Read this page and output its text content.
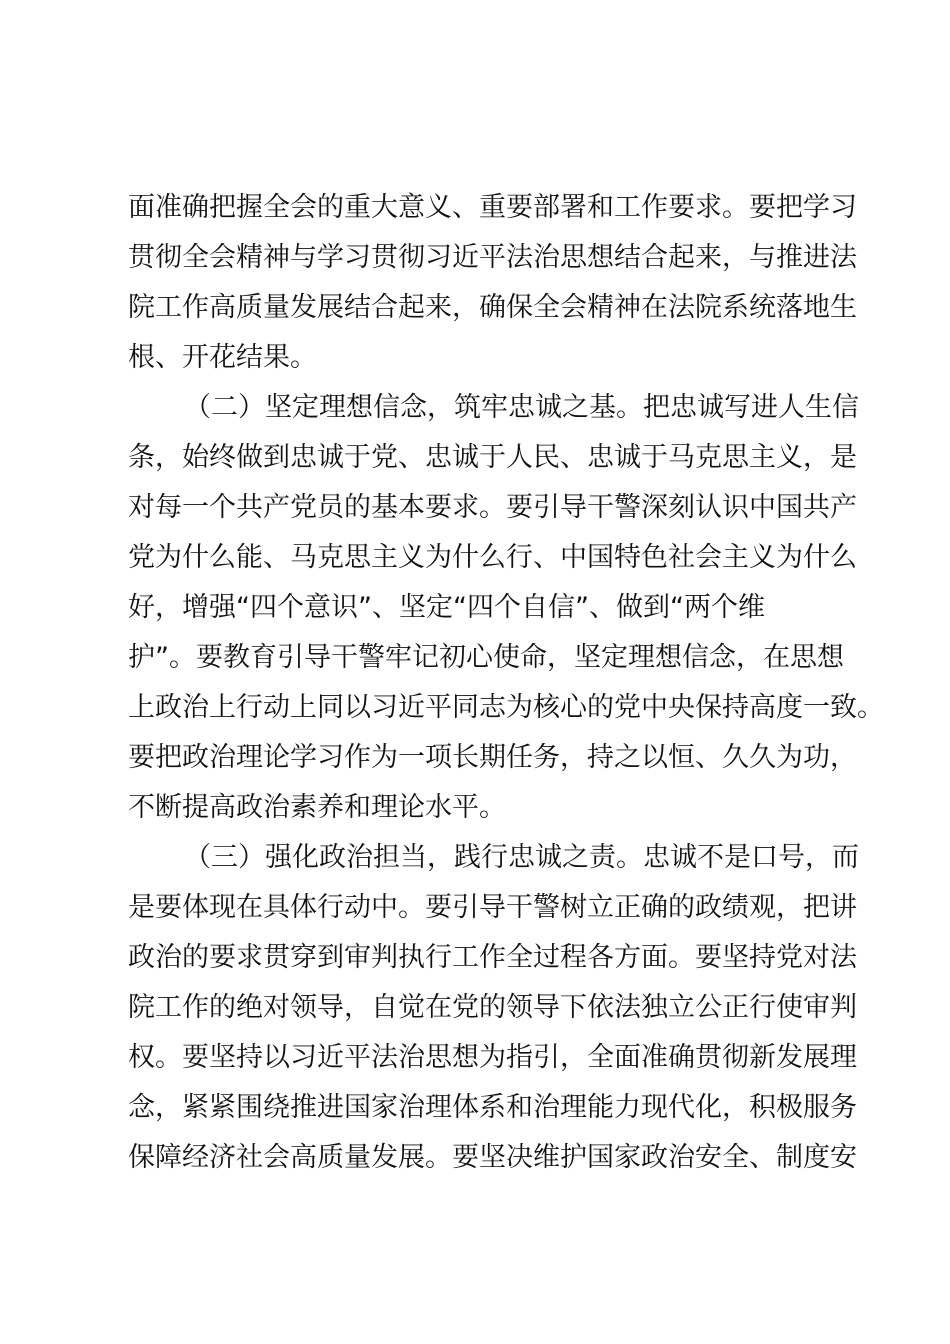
面准确把握全会的重大意义、重要部署和工作要求。要把学习
贯彻全会精神与学习贯彻习近平法治思想结合起来，与推进法
院工作高质量发展结合起来，确保全会精神在法院系统落地生
根、开花结果。
（二）坚定理想信念，筑牢忠诚之基。把忠诚写进人生信
条，始终做到忠诚于党、忠诚于人民、忠诚于马克思主义，是
对每一个共产党员的基本要求。要引导干警深刻认识中国共产
党为什么能、马克思主义为什么行、中国特色社会主义为什么
好，增强“四个意识”、坚定“四个自信”、做到“两个维
护”。要教育引导干警牢记初心使命，坚定理想信念，在思想
上政治上行动上同以习近平同志为核心的党中央保持高度一致。
要把政治理论学习作为一项长期任务，持之以恒、久久为功，
不断提高政治素养和理论水平。
（三）强化政治担当，践行忠诚之责。忠诚不是口号，而
是要体现在具体行动中。要引导干警树立正确的政绩观，把讲
政治的要求贯穿到审判执行工作全过程各方面。要坚持党对法
院工作的绝对领导，自觉在党的领导下依法独立公正行使审判
权。要坚持以习近平法治思想为指引，全面准确贯彻新发展理
念，紧紧围绕推进国家治理体系和治理能力现代化，积极服务
保障经济社会高质量发展。要坚决维护国家政治安全、制度安
